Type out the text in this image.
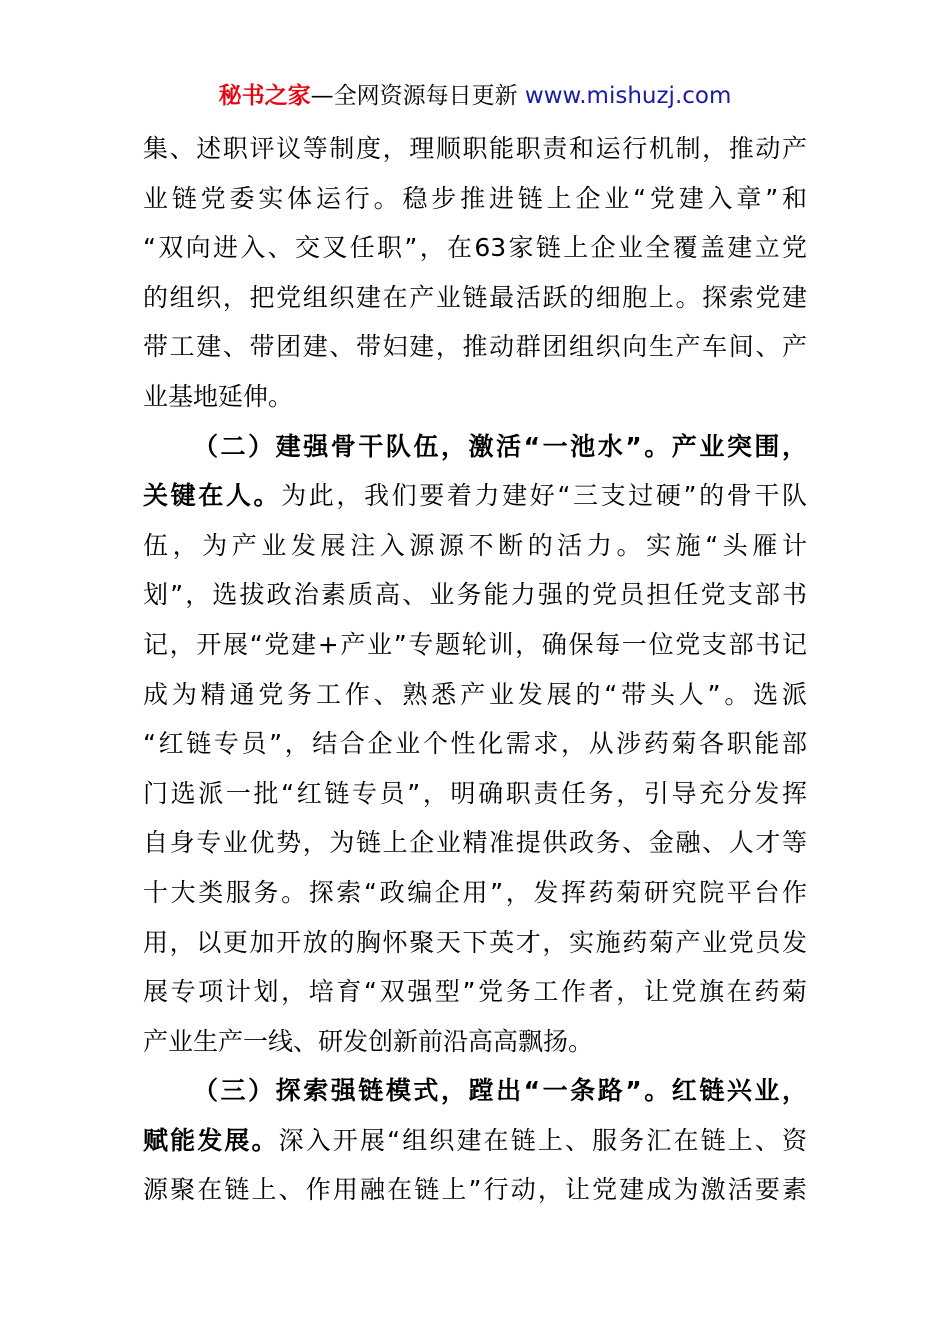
秘书之家—全网资源每日更新 www.mishuzj.com
集、述职评议等制度，理顺职能职责和运行机制，推动产
业链党委实体运行。稳步推进链上企业“党建入章”和
“双向进入、交叉任职”，在63家链上企业全覆盖建立党
的组织，把党组织建在产业链最活跃的细胞上。探索党建
带工建、带团建、带妇建，推动群团组织向生产车间、产
业基地延伸。
（二）建强骨干队伍，激活“一池水”。产业突围，
关键在人。为此，我们要着力建好“三支过硬”的骨干队
伍，为产业发展注入源源不断的活力。实施“头雁计
划”，选拔政治素质高、业务能力强的党员担任党支部书
记，开展“党建+产业”专题轮训，确保每一位党支部书记
成为精通党务工作、熟悉产业发展的“带头人”。选派
“红链专员”，结合企业个性化需求，从涉药菊各职能部
门选派一批“红链专员”，明确职责任务，引导充分发挥
自身专业优势，为链上企业精准提供政务、金融、人才等
十大类服务。探索“政编企用”，发挥药菊研究院平台作
用，以更加开放的胸怀聚天下英才，实施药菊产业党员发
展专项计划，培育“双强型”党务工作者，让党旗在药菊
产业生产一线、研发创新前沿高高飘扬。
（三）探索强链模式，蹚出“一条路”。红链兴业，
赋能发展。深入开展“组织建在链上、服务汇在链上、资
源聚在链上、作用融在链上”行动，让党建成为激活要素
